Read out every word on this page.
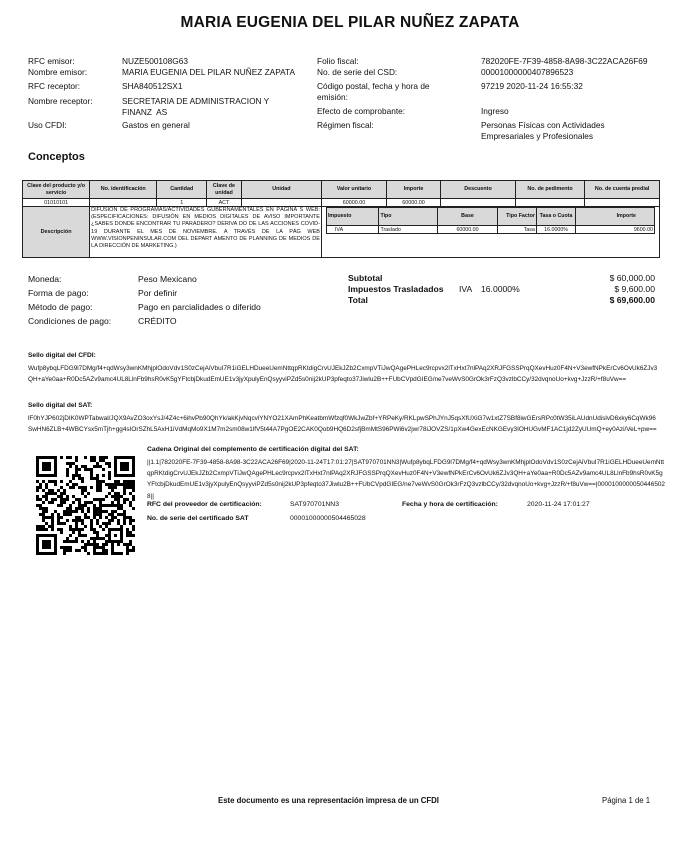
MARIA EUGENIA DEL PILAR NUÑEZ ZAPATA
RFC emisor:	NUZE500108G63
Nombre emisor:	MARIA EUGENIA DEL PILAR NUÑEZ ZAPATA
RFC receptor:	SHA840512SX1
Nombre receptor:	SECRETARIA DE ADMINISTRACION Y
FINANZ  AS
Uso CFDI:	Gastos en general
Folio fiscal:	782020FE-7F39-4858-8A98-3C22ACA26F69
No. de serie del CSD:	00001000000407896523
Código postal, fecha y hora de
emisión:
97219 2020-11-24 16:55:32
Efecto de comprobante:	Ingreso
Régimen fiscal:	Personas Físicas con Actividades
Empresariales y Profesionales
Conceptos
Clave del producto y/o servicio	No. identificación	Cantidad	Clave de unidad	Unidad	Valor unitario	Importe	Descuento	No. de pedimento	No. de cuenta predial
01010101		1	ACT		60000.00	60000.00			
Descripción	DIFUSIÓN DE PROGRAMAS/ACTIVIDADES GUBERNAMENTALES EN PÁGINA S WEB: (ESPECIFICACIONES: DIFUSIÓN EN MEDIOS DIGITALES DE AVISO IMPORTANTE ¿SABES DONDE ENCONTRAR TU PARADERO? DERIVA DO DE LAS ACCIONES COVID-19 DURANTE EL MES DE NOVIEMBRE. A TRAVÉS DE LA PÁG WEB WWW.VISIONPENINSULAR.COM DEL DEPART AMENTO DE PLANNING DE MEDIOS DE LA DIRECCIÓN DE MARKETING.)	
Impuesto	Tipo	Base	Tipo Factor	Tasa o Cuota	Importe
IVA	Traslado	60000.00	Tasa	16.0000%	9600.00
Moneda:	Peso Mexicano
Forma de pago:	Por definir
Método de pago:	Pago en parcialidades o diferido
Condiciones de pago:	CRÉDITO
Subtotal	$ 60,000.00
Impuestos Trasladados IVA 16.0000%	$ 9,600.00
Total	$ 69,600.00
Sello digital del CFDI:
Wufp8ybqLFDG9l7DMg/f4+qdWsy3wnKMhjplOdoVdv1S0zCejAiVbuI7R1iGELHDueeUemNttqpRKtdigCrvUJEkJZb2CxmpVTiJwQAgePHLec9rcpvx2lTxHxt7nlPAq2XRJFGSSPrqQXevHuz0F4N+V3ewfNPkErCv6OvUk6ZJv3QH+aYe0aa+R0Dc5AZv9amc4UL8LlnFb9hsR0vK5gYFtcbjDkudEmUE1v3jyXpulyEnQsyyviPZd5s0nij2kUP3pfeqto37Jiwlu2B++FUbCVpdGIEG/ne7veWvS0GrOk3rFzQ3vzlbCCy/32dvqnoUo+kvg+JzzR/+f8uVw==
Sello digital del SAT:
lF0hYJP602jDIK0WPTabwal/JQX9AvZO3oxYsJ/4Z4c+6ihvPb90QhYk/akKjvNqcvlYNYO21XAmPhKeatbmWfzqf0WkJwZbf+YRPeKy/RKLpwSPhJYnJ5qsXfUXiG7w1xtZ7SBf8iwGErsRPc0tW35iLAUdnUdislvD6xky6CqWk96SwHN6ZLB+4WBCYsx5mTjh+gg4sIOrSZhL5AxH1iVdMqMo9X1M7m2sm08w1lfV5t44A7PgOE2CAK0Qob9HQ6D2sfjBmMtS96PWi6v2jwr78iJOVZS/1pXw4GexEcNKGEvy3IOHUGvMF1AC1jd2ZyUUmQ+ey0Azi/VeL+pw==
Cadena Original del complemento de certificación digital del SAT:
||1.1|782020FE-7F39-4858-8A98-3C22ACA26F69|2020-11-24T17:01:27|SAT970701NN3|Wufp8ybqLFDG9l7DMg/f4+qdWsy3wnKMhjplOdoVdv1S0zCejAiVbuI7R1iGELHDueeUemNttqpRKtdigCrvUJEkJZb2CxmpVTiJwQAgePHLec9rcpvx2lTxHxt7nlPAq2XRJFGSSPrqQXevHuz0F4N+V3ewfNPkErCv6OvUk6ZJv3QH+aYe0aa+R0Dc5AZv9amc4UL8LlnFb9hsR0vK5gYFtcbjDkudEmUE1v3jyXpulyEnQsyyviPZd5s0nij2kUP3pfeqto37Jiwlu2B++FUbCVpdGIEG/ne7veWvS0GrOk3rFzQ3vzlbCCy/32dvqnoUo+kvg+JzzR/+f8uVw==|00001000000504465028||
RFC del proveedor de certificación:	SAT970701NN3	Fecha y hora de certificación:	2020-11-24 17:01:27
No. de serie del certificado SAT	00001000000504465028
Este documento es una representación impresa de un CFDI	Página 1 de 1
